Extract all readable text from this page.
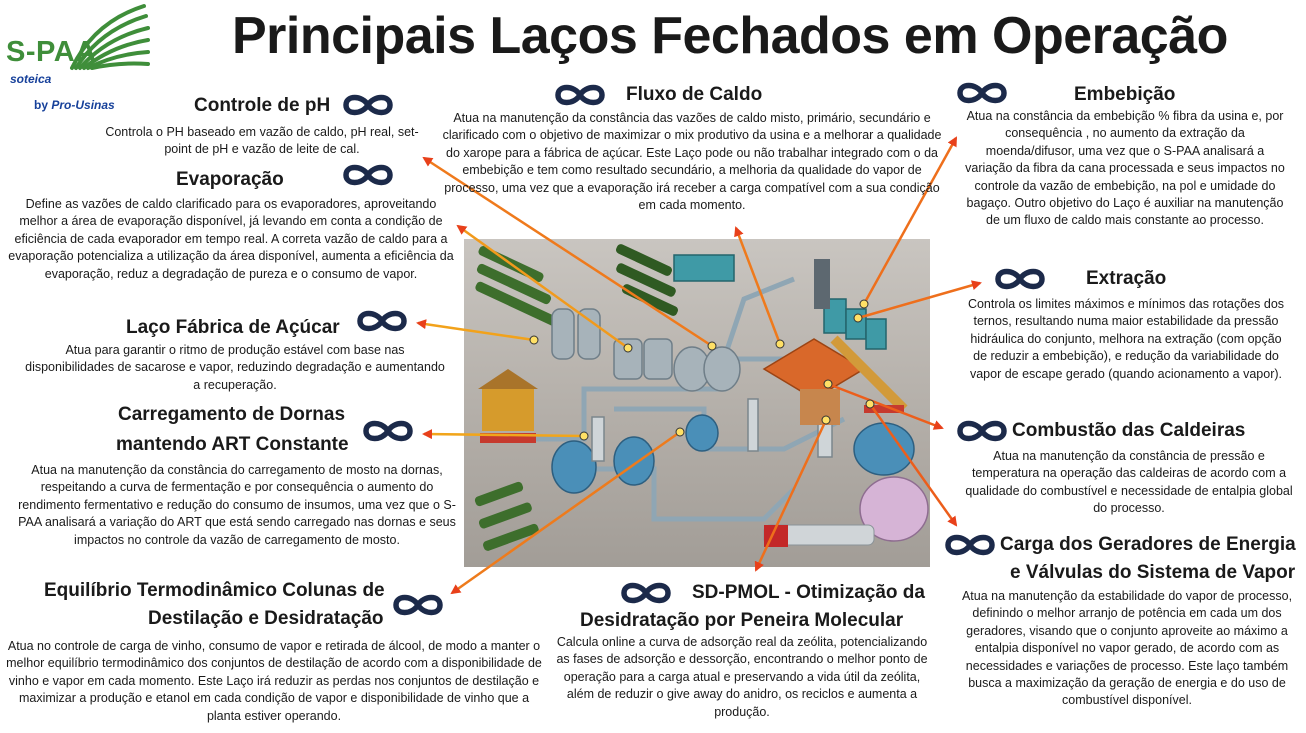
S-PAA
soteica
by Pro-Usinas
Principais Laços Fechados em Operação
Controle de pH
Controla o PH baseado em vazão de caldo, pH real, set-point de pH e vazão de leite de cal.
Evaporação
Define as vazões de caldo clarificado para os evaporadores, aproveitando melhor a área de evaporação disponível, já levando em conta a condição de eficiência de cada evaporador em tempo real. A correta vazão de caldo para a evaporação potencializa a utilização da área disponível, aumenta a eficiência da evaporação, reduz a degradação de pureza e o consumo de vapor.
Laço Fábrica de Açúcar
Atua para garantir o ritmo de produção estável com base nas disponibilidades de sacarose e vapor, reduzindo degradação e aumentando a recuperação.
Carregamento de Dornas
mantendo ART Constante
Atua na manutenção da constância do carregamento de mosto na dornas, respeitando a curva de fermentação e por consequência o aumento do rendimento fermentativo e redução do consumo de insumos, uma vez que o S-PAA analisará a variação do ART que está sendo carregado nas dornas e seus impactos no controle da vazão de carregamento de mosto.
Equilíbrio Termodinâmico Colunas de
Destilação e Desidratação
Atua no controle de carga de vinho, consumo de vapor e retirada de álcool, de modo a manter o melhor equilíbrio termodinâmico dos conjuntos de destilação de acordo com a disponibilidade de vinho e vapor em cada momento. Este Laço irá reduzir as perdas nos conjuntos de destilação e maximizar a produção e etanol em cada condição de vapor e disponibilidade de vinho que a planta estiver operando.
Fluxo de Caldo
Atua na manutenção da constância das vazões de caldo misto, primário, secundário e clarificado com o objetivo de maximizar o mix produtivo da usina e a melhorar a qualidade do xarope para a fábrica de açúcar. Este Laço pode ou não trabalhar integrado com o da embebição e tem como resultado secundário, a melhoria da qualidade do vapor de processo, uma vez que a evaporação irá receber a carga compatível com a sua condição em cada momento.
Embebição
Atua na constância da embebição % fibra da usina e, por consequência , no aumento da extração da moenda/difusor, uma vez que o S-PAA analisará a variação da fibra da cana processada e seus impactos no controle da vazão de embebição, na pol e umidade do bagaço. Outro objetivo do Laço é auxiliar na manutenção de um fluxo de caldo mais constante ao processo.
Extração
Controla os limites máximos e mínimos das rotações dos ternos, resultando numa maior estabilidade da pressão hidráulica do conjunto, melhora na extração (com opção de reduzir a embebição), e redução da variabilidade do vapor de escape gerado (quando acionamento a vapor).
Combustão das Caldeiras
Atua na manutenção da constância de pressão e temperatura na operação das caldeiras de acordo com a qualidade do combustível e necessidade de entalpia global do processo.
Carga dos Geradores de Energia
e Válvulas do Sistema de Vapor
Atua na manutenção da estabilidade do vapor de processo, definindo o melhor arranjo de potência em cada um dos geradores, visando que o conjunto aproveite ao máximo a entalpia disponível no vapor gerado, de acordo com as necessidades e variações de processo. Este laço também busca a maximização da geração de energia e do uso de combustível disponível.
SD-PMOL - Otimização da
Desidratação por Peneira Molecular
Calcula online a curva de adsorção real da zeólita, potencializando as fases de adsorção e dessorção, encontrando o melhor ponto de operação para a carga atual e preservando a vida útil da zeólita, além de reduzir o give away do anidro, os reciclos e aumenta a produção.
